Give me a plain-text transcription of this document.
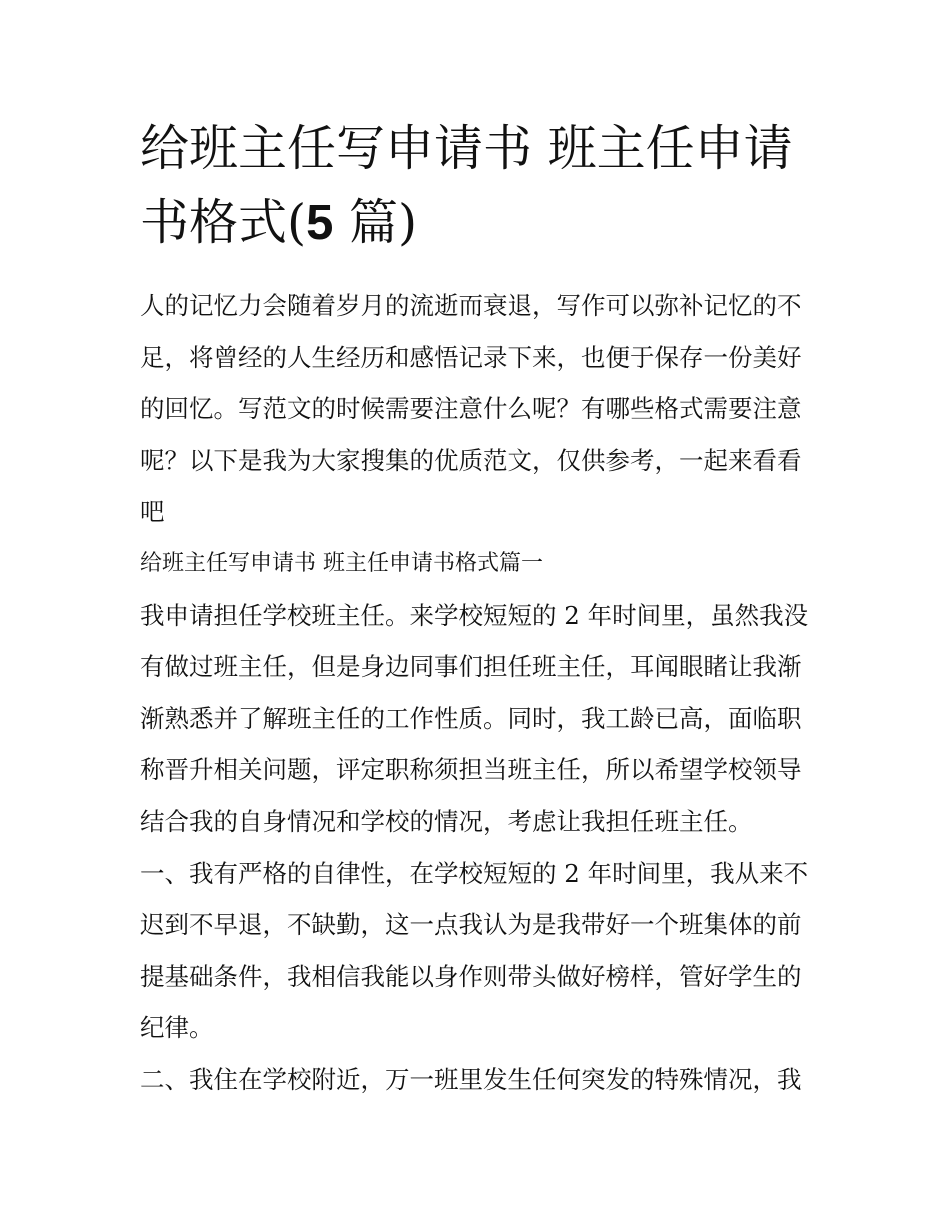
给班主任写申请书 班主任申请书格式(5 篇)

人的记忆力会随着岁月的流逝而衰退，写作可以弥补记忆的不足，将曾经的人生经历和感悟记录下来，也便于保存一份美好的回忆。写范文的时候需要注意什么呢？有哪些格式需要注意呢？以下是我为大家搜集的优质范文，仅供参考，一起来看看吧

给班主任写申请书 班主任申请书格式篇一

我申请担任学校班主任。来学校短短的 2 年时间里，虽然我没有做过班主任，但是身边同事们担任班主任，耳闻眼睹让我渐渐熟悉并了解班主任的工作性质。同时，我工龄已高，面临职称晋升相关问题，评定职称须担当班主任，所以希望学校领导结合我的自身情况和学校的情况，考虑让我担任班主任。

一、我有严格的自律性，在学校短短的 2 年时间里，我从来不迟到不早退，不缺勤，这一点我认为是我带好一个班集体的前提基础条件，我相信我能以身作则带头做好榜样，管好学生的纪律。

二、我住在学校附近，万一班里发生任何突发的特殊情况，我
